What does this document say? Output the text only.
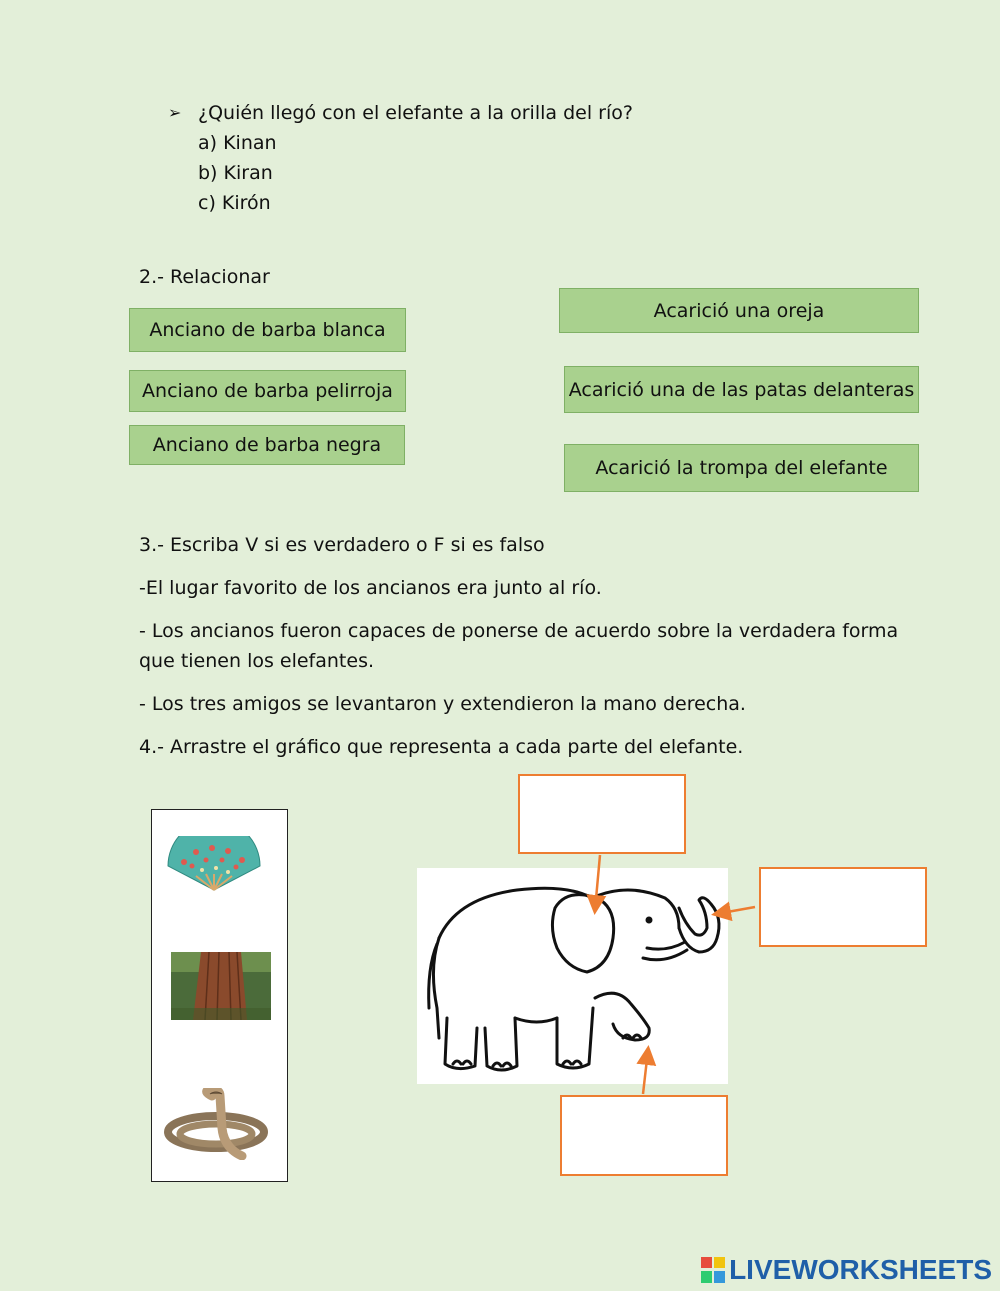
➢ ¿Quién llegó con el elefante a la orilla del río?
a) Kinan
b) Kiran
c) Kirón
2.- Relacionar
Anciano de barba blanca
Anciano de barba pelirroja
Anciano de barba negra
Acarició una oreja
Acarició una de las patas delanteras
Acarició la trompa del elefante
3.- Escriba V si es verdadero o F si es falso
-El lugar favorito de los ancianos era junto al río.
- Los ancianos fueron capaces de ponerse de acuerdo sobre la verdadera forma
que tienen los elefantes.
- Los tres amigos se levantaron y extendieron la mano derecha.
4.- Arrastre el gráfico que representa a cada parte del elefante.
LIVEWORKSHEETS
